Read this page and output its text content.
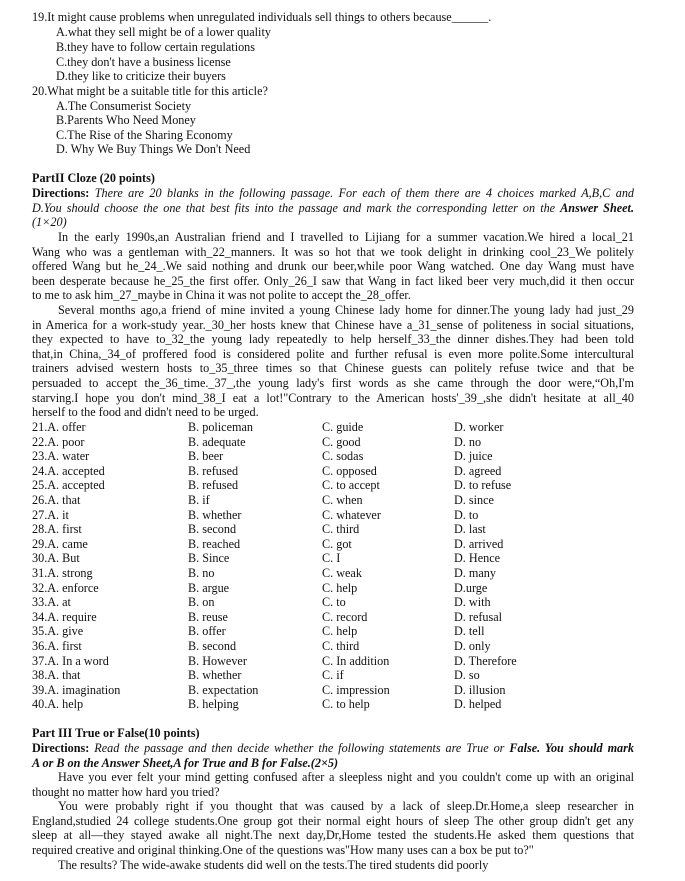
19.It might cause problems when unregulated individuals sell things to others because______.
A.what they sell might be of a lower quality
B.they have to follow certain regulations
C.they don't have a business license
D.they like to criticize their buyers
20.What might be a suitable title for this article?
A.The Consumerist Society
B.Parents Who Need Money
C.The Rise of the Sharing Economy
D. Why We Buy Things We Don't Need
PartII Cloze (20 points)
Directions: There are 20 blanks in the following passage. For each of them there are 4 choices marked A,B,C and
D.You should choose the one that best fits into the passage and mark the corresponding letter on the Answer Sheet.
(1×20)
In the early 1990s,an Australian friend and I travelled to Lijiang for a summer vacation.We hired a local_21
Wang who was a gentleman with_22_manners. It was so hot that we took delight in drinking cool_23_We politely
offered Wang but he_24_.We said nothing and drunk our beer,while poor Wang watched. One day Wang must have
been desperate because he_25_the first offer. Only_26_I saw that Wang in fact liked beer very much,did it then occur
to me to ask him_27_maybe in China it was not polite to accept the_28_offer.
Several months ago,a friend of mine invited a young Chinese lady home for dinner.The young lady had just_29
in America for a work-study year._30_her hosts knew that Chinese have a_31_sense of politeness in social situations,
they expected to have to_32_the young lady repeatedly to help herself_33_the dinner dishes.They had been told
that,in China,_34_of proffered food is considered polite and further refusal is even more polite.Some intercultural
trainers advised western hosts to_35_three times so that Chinese guests can politely refuse twice and that be
persuaded to accept the_36_time._37_,the young lady's first words as she came through the door were,“Oh,I'm
starving.I hope you don't mind_38_I eat a lot!"Contrary to the American hosts'_39_,she didn't hesitate at all_40
herself to the food and didn't need to be urged.
21.A. offer	B. policeman	C. guide	D. worker
22.A. poor	B. adequate	C. good	D. no
23.A. water	B. beer	C. sodas	D. juice
24.A. accepted	B. refused	C. opposed	D. agreed
25.A. accepted	B. refused	C. to accept	D. to refuse
26.A. that	B. if	C. when	D. since
27.A. it	B. whether	C. whatever	D. to
28.A. first	B. second	C. third	D. last
29.A. came	B. reached	C. got	D. arrived
30.A. But	B. Since	C. I	D. Hence
31.A. strong	B. no	C. weak	D. many
32.A. enforce	B. argue	C. help	D.urge
33.A. at	B. on	C. to	D. with
34.A. require	B. reuse	C. record	D. refusal
35.A. give	B. offer	C. help	D. tell
36.A. first	B. second	C. third	D. only
37.A. In a word	B. However	C. In addition	D. Therefore
38.A. that	B. whether	C. if	D. so
39.A. imagination	B. expectation	C. impression	D. illusion
40.A. help	B. helping	C. to help	D. helped
Part III True or False(10 points)
Directions: Read the passage and then decide whether the following statements are True or False. You should mark
A or B on the Answer Sheet,A for True and B for False.(2×5)
Have you ever felt your mind getting confused after a sleepless night and you couldn't come up with an original
thought no matter how hard you tried?
You were probably right if you thought that was caused by a lack of sleep.Dr.Home,a sleep researcher in
England,studied 24 college students.One group got their normal eight hours of sleep The other group didn't get any
sleep at all—they stayed awake all night.The next day,Dr,Home tested the students.He asked them questions that
required creative and original thinking.One of the questions was"How many uses can a box be put to?"
The results? The wide-awake students did well on the tests.The tired students did poorly
